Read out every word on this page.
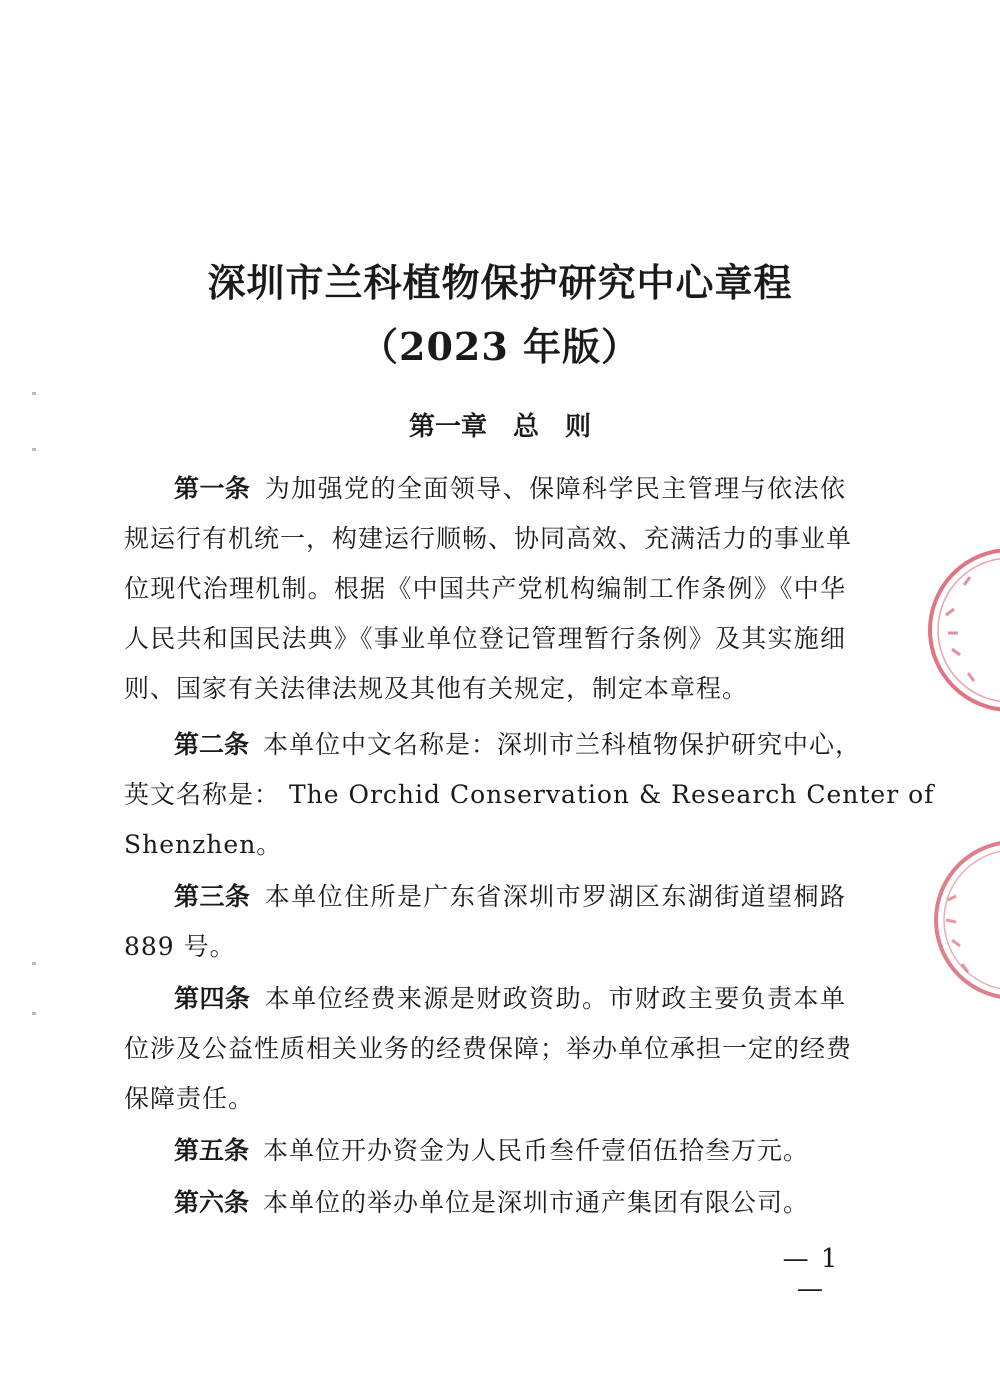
深圳市兰科植物保护研究中心章程
（2023 年版）
第一章 总 则
第一条 为加强党的全面领导、保障科学民主管理与依法依
规运行有机统一，构建运行顺畅、协同高效、充满活力的事业单
位现代治理机制。根据《中国共产党机构编制工作条例》《中华
人民共和国民法典》《事业单位登记管理暂行条例》及其实施细
则、国家有关法律法规及其他有关规定，制定本章程。
第二条 本单位中文名称是：深圳市兰科植物保护研究中心，
英文名称是： The Orchid Conservation & Research Center of
Shenzhen。
第三条 本单位住所是广东省深圳市罗湖区东湖街道望桐路
889 号。
第四条 本单位经费来源是财政资助。市财政主要负责本单
位涉及公益性质相关业务的经费保障；举办单位承担一定的经费
保障责任。
第五条 本单位开办资金为人民币叁仟壹佰伍拾叁万元。
第六条 本单位的举办单位是深圳市通产集团有限公司。
— 1 —
